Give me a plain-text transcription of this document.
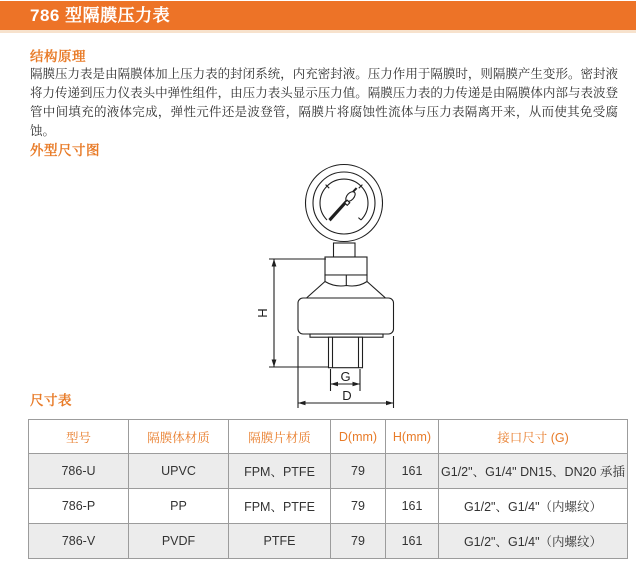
786 型隔膜压力表
结构原理
隔膜压力表是由隔膜体加上压力表的封闭系统，内充密封液。压力作用于隔膜时，则隔膜产生变形。密封液将力传递到压力仪表头中弹性组件，由压力表头显示压力值。隔膜压力表的力传递是由隔膜体内部与表波登管中间填充的液体完成，弹性元件还是波登管，隔膜片将腐蚀性流体与压力表隔离开来，从而使其免受腐蚀。
外型尺寸图
H
G
D
尺寸表
型号	隔膜体材质	隔膜片材质	D(mm)	H(mm)	接口尺寸 (G)
786-U	UPVC	FPM、PTFE	79	161	G1/2"、G1/4" DN15、DN20 承插
786-P	PP	FPM、PTFE	79	161	G1/2"、G1/4"（内螺纹）
786-V	PVDF	PTFE	79	161	G1/2"、G1/4"（内螺纹）
